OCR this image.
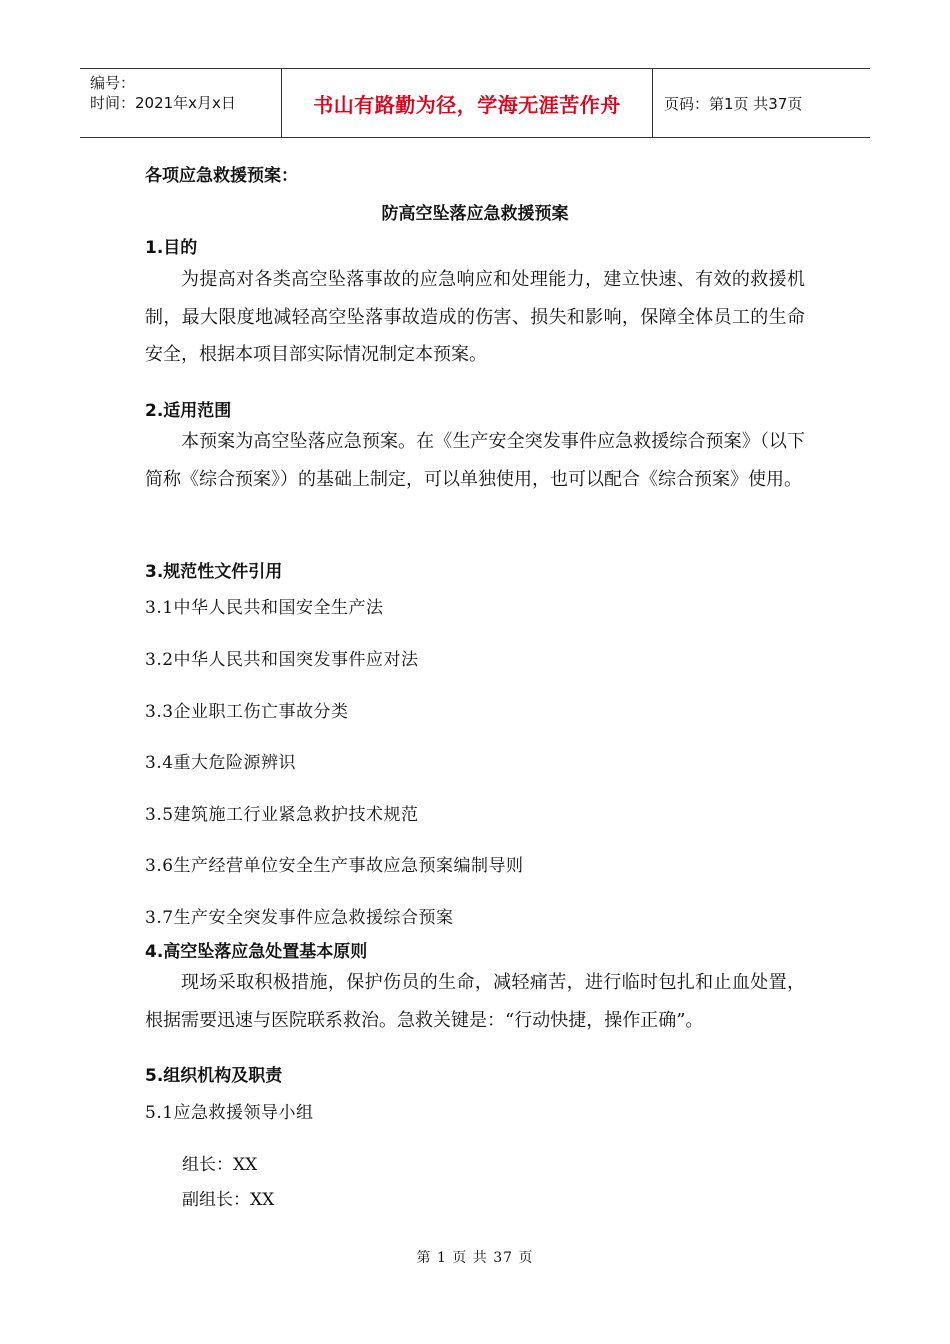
编号：
时间：2021年x月x日	书山有路勤为径，学海无涯苦作舟	页码：第1页 共37页
各项应急救援预案：
防高空坠落应急救援预案
1.目的
为提高对各类高空坠落事故的应急响应和处理能力，建立快速、有效的救援机制，最大限度地减轻高空坠落事故造成的伤害、损失和影响，保障全体员工的生命安全，根据本项目部实际情况制定本预案。
2.适用范围
本预案为高空坠落应急预案。在《生产安全突发事件应急救援综合预案》（以下简称《综合预案》）的基础上制定，可以单独使用，也可以配合《综合预案》使用。
3.规范性文件引用
3.1中华人民共和国安全生产法
3.2中华人民共和国突发事件应对法
3.3企业职工伤亡事故分类
3.4重大危险源辨识
3.5建筑施工行业紧急救护技术规范
3.6生产经营单位安全生产事故应急预案编制导则
3.7生产安全突发事件应急救援综合预案
4.高空坠落应急处置基本原则
现场采取积极措施，保护伤员的生命，减轻痛苦，进行临时包扎和止血处置，根据需要迅速与医院联系救治。急救关键是：“行动快捷，操作正确”。
5.组织机构及职责
5.1应急救援领导小组
组长：XX
副组长：XX
第 1 页 共 37 页
